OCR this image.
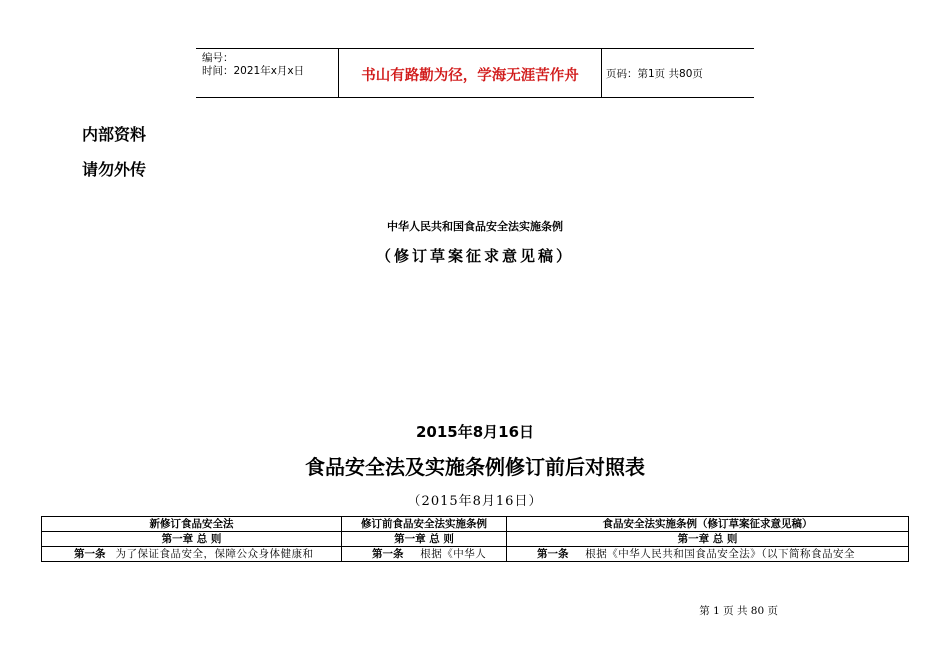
编号：
时间：2021年x月x日	书山有路勤为径，学海无涯苦作舟	页码：第1页 共80页
内部资料
请勿外传
中华人民共和国食品安全法实施条例
（修订草案征求意见稿）
2015年8月16日
食品安全法及实施条例修订前后对照表
（2015年8月16日）
新修订食品安全法	修订前食品安全法实施条例	食品安全法实施条例（修订草案征求意见稿）
第一章 总 则	第一章 总 则	第一章 总 则
第一条 为了保证食品安全，保障公众身体健康和	第一条 根据《中华人	第一条 根据《中华人民共和国食品安全法》（以下简称食品安全
第 1 页 共 80 页
